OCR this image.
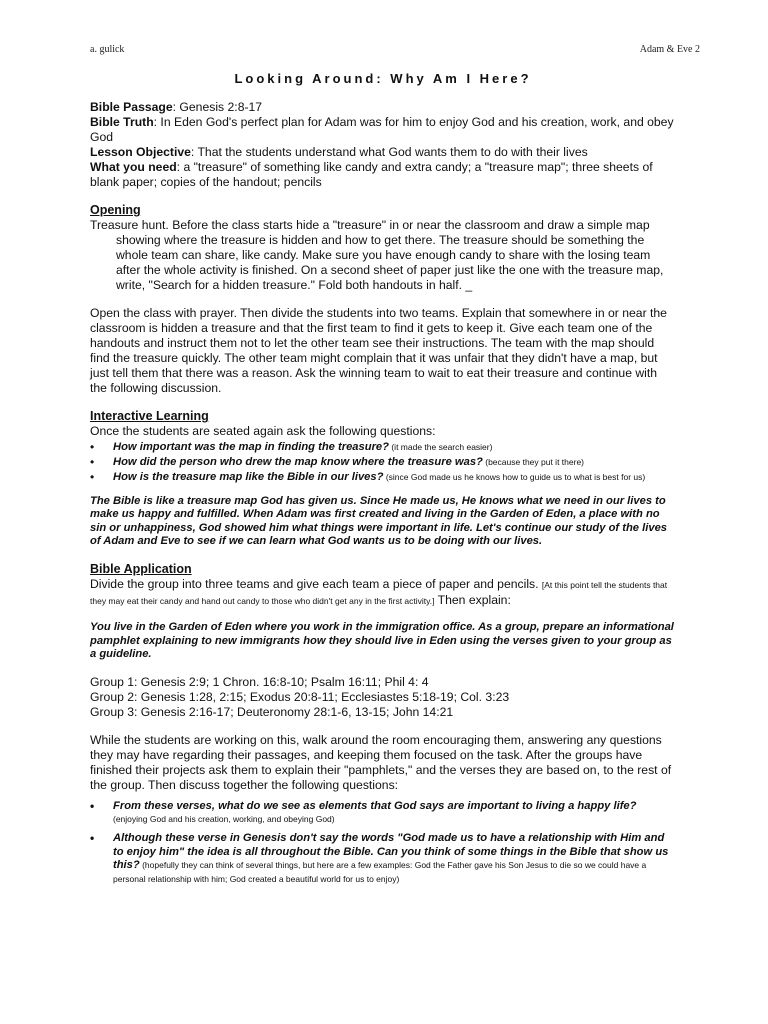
a. gulick	Adam & Eve 2
Looking Around: Why Am I Here?

Bible Passage: Genesis 2:8-17

Bible Truth: In Eden God's perfect plan for Adam was for him to enjoy God and his creation, work, and obey God

Lesson Objective: That the students understand what God wants them to do with their lives

What you need: a "treasure" of something like candy and extra candy; a "treasure map"; three sheets of blank paper; copies of the handout; pencils

Opening

Treasure hunt. Before the class starts hide a "treasure" in or near the classroom and draw a simple map showing where the treasure is hidden and how to get there. The treasure should be something the whole team can share, like candy. Make sure you have enough candy to share with the losing team after the whole activity is finished. On a second sheet of paper just like the one with the treasure map, write, "Search for a hidden treasure." Fold both handouts in half. _

Open the class with prayer. Then divide the students into two teams. Explain that somewhere in or near the classroom is hidden a treasure and that the first team to find it gets to keep it. Give each team one of the handouts and instruct them not to let the other team see their instructions. The team with the map should find the treasure quickly. The other team might complain that it was unfair that they didn't have a map, but just tell them that there was a reason. Ask the winning team to wait to eat their treasure and continue with the following discussion.

Interactive Learning

Once the students are seated again ask the following questions:

• How important was the map in finding the treasure? (it made the search easier)
• How did the person who drew the map know where the treasure was? (because they put it there)
• How is the treasure map like the Bible in our lives? (since God made us he knows how to guide us to what is best for us)

The Bible is like a treasure map God has given us. Since He made us, He knows what we need in our lives to make us happy and fulfilled. When Adam was first created and living in the Garden of Eden, a place with no sin or unhappiness, God showed him what things were important in life. Let's continue our study of the lives of Adam and Eve to see if we can learn what God wants us to be doing with our lives.

Bible Application

Divide the group into three teams and give each team a piece of paper and pencils. [At this point tell the students that they may eat their candy and hand out candy to those who didn't get any in the first activity.] Then explain:

You live in the Garden of Eden where you work in the immigration office. As a group, prepare an informational pamphlet explaining to new immigrants how they should live in Eden using the verses given to your group as a guideline.

Group 1: Genesis 2:9; 1 Chron. 16:8-10; Psalm 16:11; Phil 4: 4

Group 2: Genesis 1:28, 2:15; Exodus 20:8-11; Ecclesiastes 5:18-19; Col. 3:23

Group 3: Genesis 2:16-17; Deuteronomy 28:1-6, 13-15; John 14:21

While the students are working on this, walk around the room encouraging them, answering any questions they may have regarding their passages, and keeping them focused on the task. After the groups have finished their projects ask them to explain their "pamphlets," and the verses they are based on, to the rest of the group. Then discuss together the following questions:

• From these verses, what do we see as elements that God says are important to living a happy life?
(enjoying God and his creation, working, and obeying God)
• Although these verse in Genesis don't say the words "God made us to have a relationship with Him and to enjoy him" the idea is all throughout the Bible. Can you think of some things in the Bible that show us this? (hopefully they can think of several things, but here are a few examples: God the Father gave his Son Jesus to die so we could have a personal relationship with him; God created a beautiful world for us to enjoy)
